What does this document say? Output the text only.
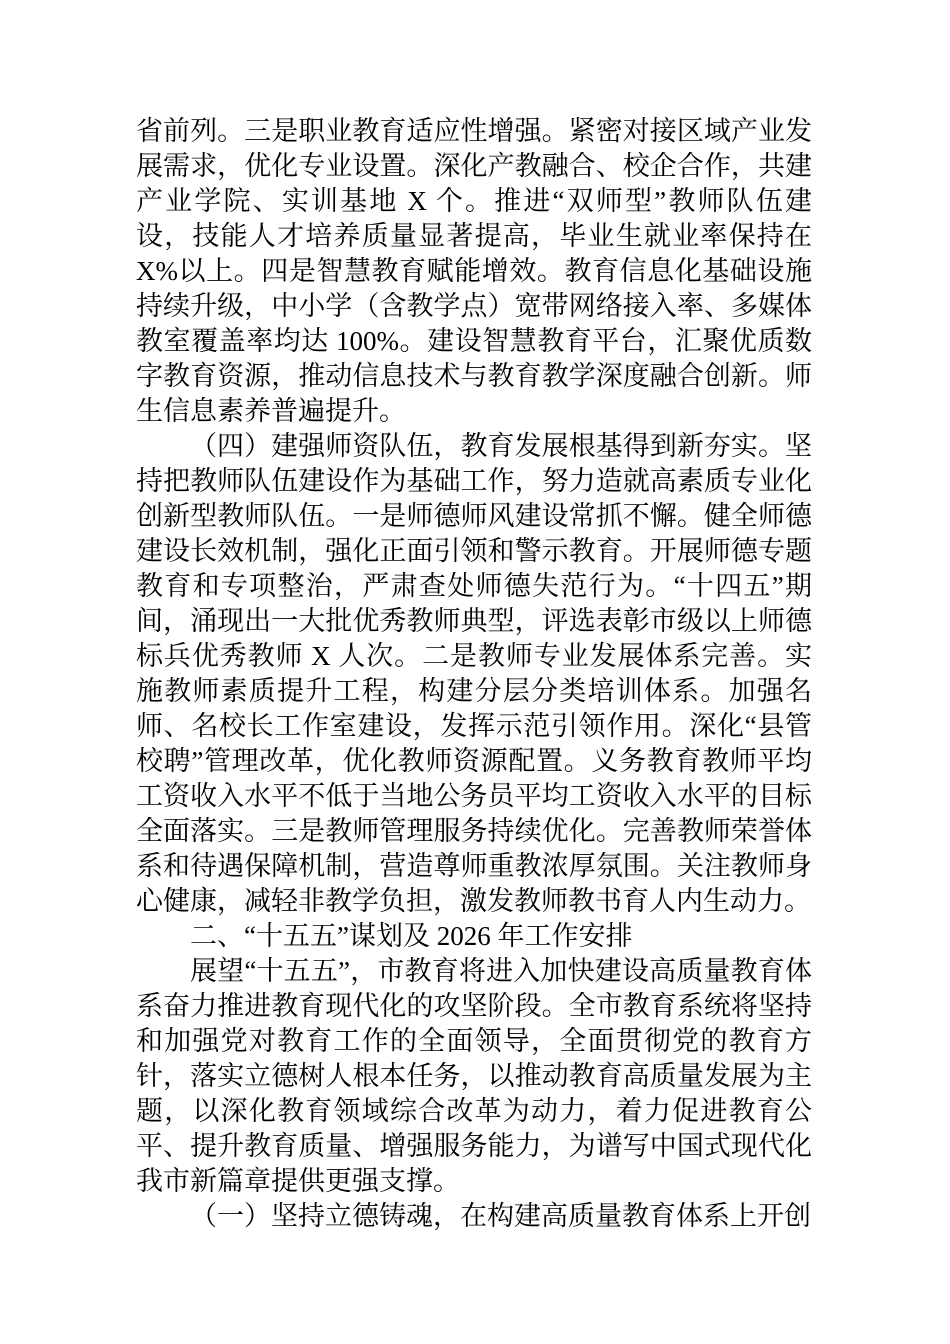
省前列。三是职业教育适应性增强。紧密对接区域产业发展需求，优化专业设置。深化产教融合、校企合作，共建产业学院、实训基地 X 个。推进“双师型”教师队伍建设，技能人才培养质量显著提高，毕业生就业率保持在 X%以上。四是智慧教育赋能增效。教育信息化基础设施持续升级，中小学（含教学点）宽带网络接入率、多媒体教室覆盖率均达 100%。建设智慧教育平台，汇聚优质数字教育资源，推动信息技术与教育教学深度融合创新。师生信息素养普遍提升。

（四）建强师资队伍，教育发展根基得到新夯实。坚持把教师队伍建设作为基础工作，努力造就高素质专业化创新型教师队伍。一是师德师风建设常抓不懈。健全师德建设长效机制，强化正面引领和警示教育。开展师德专题教育和专项整治，严肃查处师德失范行为。“十四五”期间，涌现出一大批优秀教师典型，评选表彰市级以上师德标兵优秀教师 X 人次。二是教师专业发展体系完善。实施教师素质提升工程，构建分层分类培训体系。加强名师、名校长工作室建设，发挥示范引领作用。深化“县管校聘”管理改革，优化教师资源配置。义务教育教师平均工资收入水平不低于当地公务员平均工资收入水平的目标全面落实。三是教师管理服务持续优化。完善教师荣誉体系和待遇保障机制，营造尊师重教浓厚氛围。关注教师身心健康，减轻非教学负担，激发教师教书育人内生动力。

二、“十五五”谋划及 2026 年工作安排

展望“十五五”，市教育将进入加快建设高质量教育体系奋力推进教育现代化的攻坚阶段。全市教育系统将坚持和加强党对教育工作的全面领导，全面贯彻党的教育方针，落实立德树人根本任务，以推动教育高质量发展为主题，以深化教育领域综合改革为动力，着力促进教育公平、提升教育质量、增强服务能力，为谱写中国式现代化我市新篇章提供更强支撑。

（一）坚持立德铸魂，在构建高质量教育体系上开创
